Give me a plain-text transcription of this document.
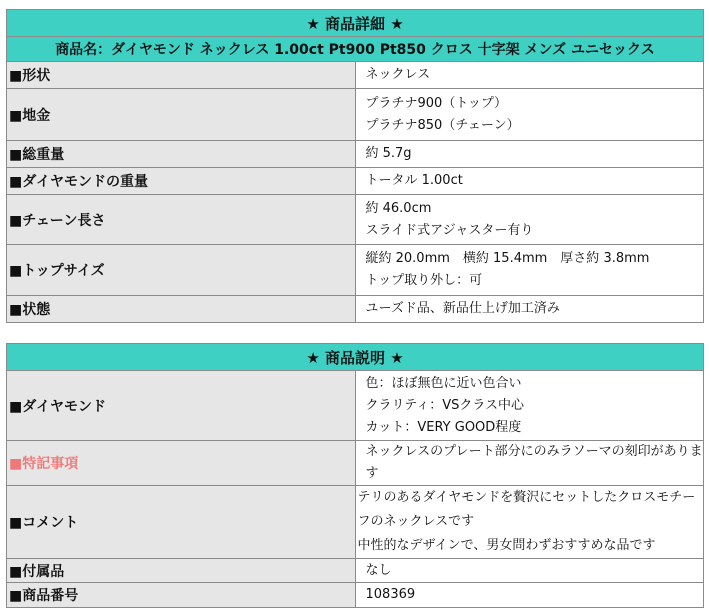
★ 商品詳細 ★	
商品名：ダイヤモンド ネックレス 1.00ct Pt900 Pt850 クロス 十字架 メンズ ユニセックス	
■形状	ネックレス

■地金	プラチナ900（トップ）
プラチナ850（チェーン）

■総重量	約 5.7g

■ダイヤモンドの重量	トータル 1.00ct

■チェーン長さ	約 46.0cm
スライド式アジャスター有り

■トップサイズ	縦約 20.0mm　横約 15.4mm　厚さ約 3.8mm
トップ取り外し：可

■状態	ユーズド品、新品仕上げ加工済み
★ 商品説明 ★	
■ダイヤモンド	色：ほぼ無色に近い色合い
クラリティ：VSクラス中心
カット：VERY GOOD程度

■特記事項	ネックレスのプレート部分にのみラソーマの刻印があります

■コメント	テリのあるダイヤモンドを贅沢にセットしたクロスモチーフのネックレスです
中性的なデザインで、男女問わずおすすめな品です

■付属品	なし

■商品番号	108369
